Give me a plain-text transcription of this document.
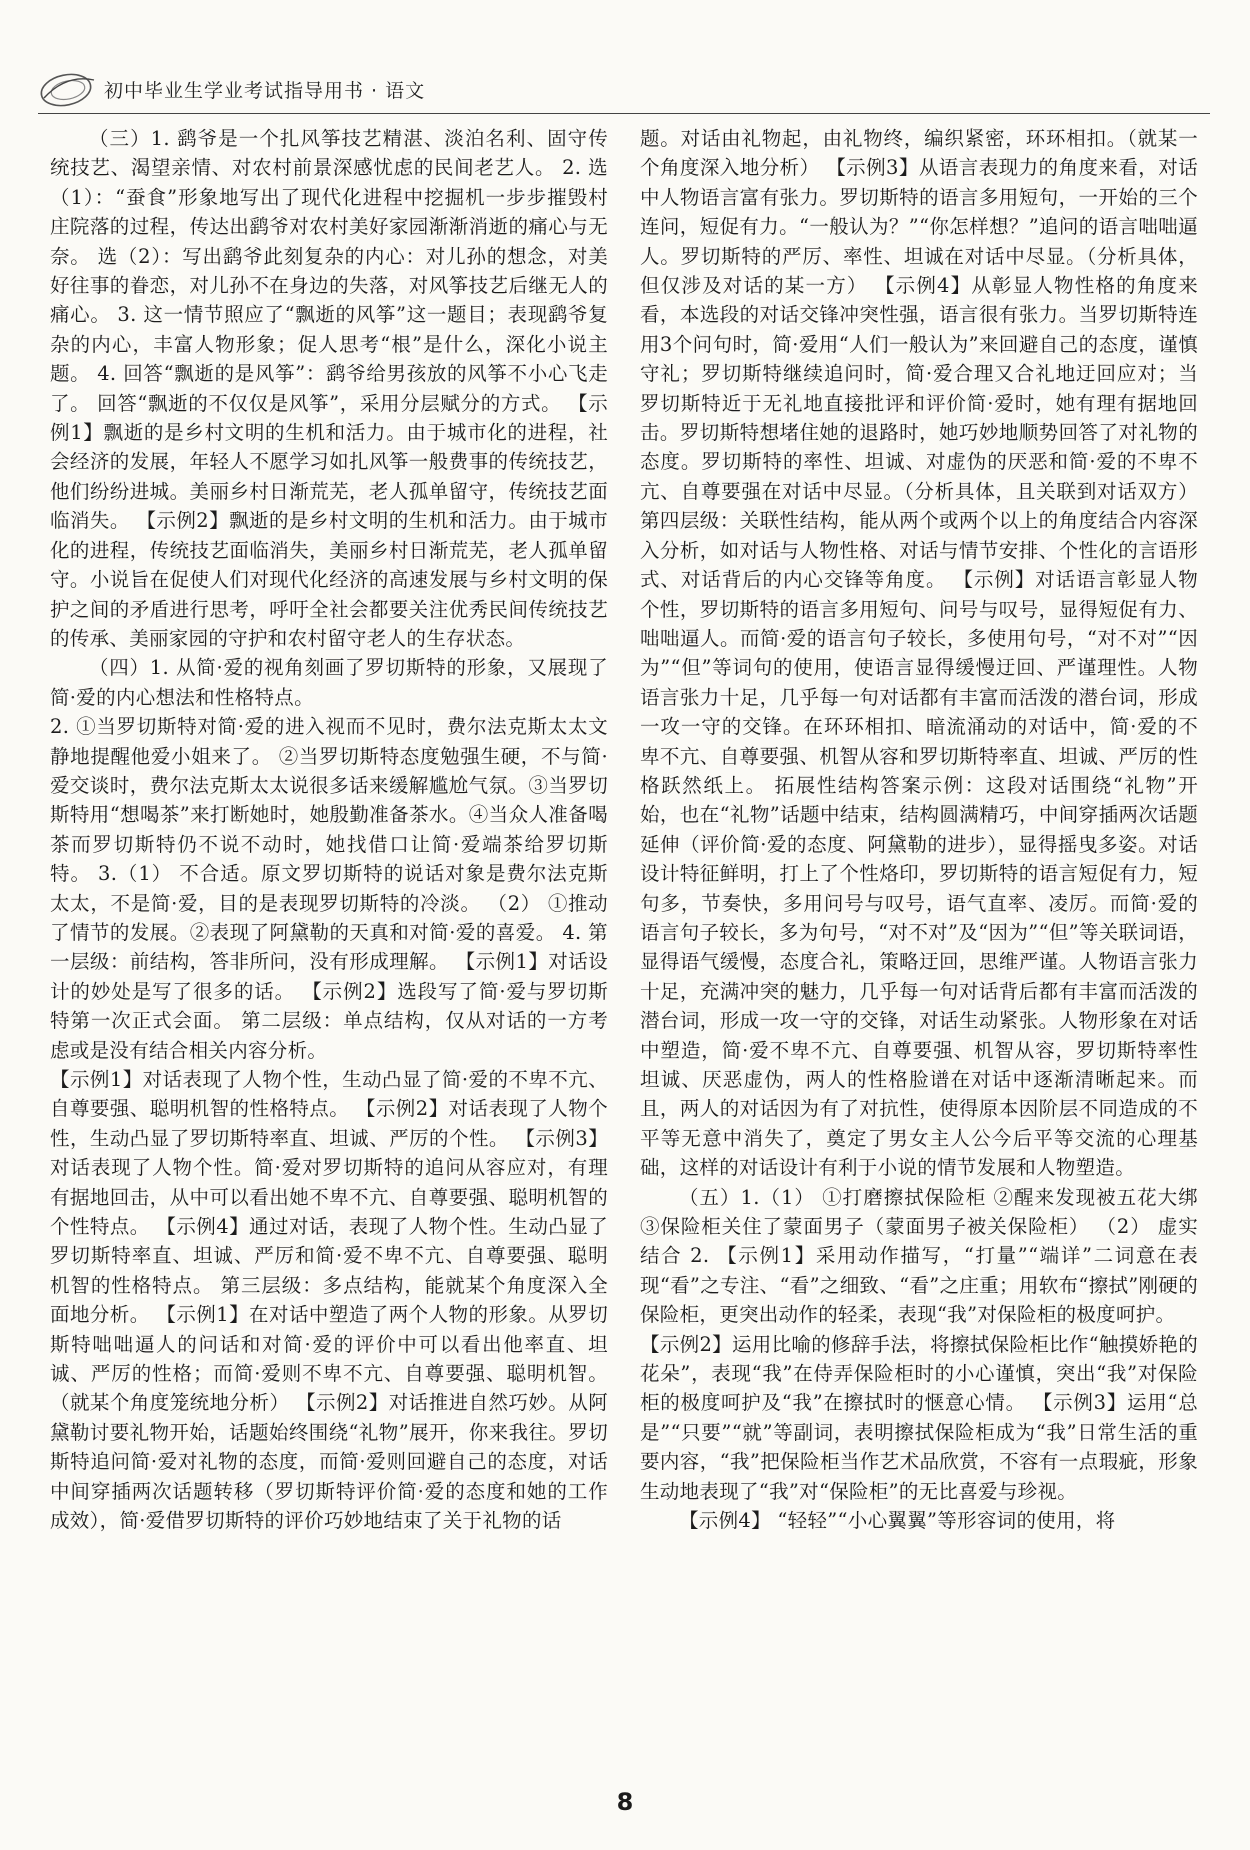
初中毕业生学业考试指导用书 · 语文

（三）1. 鹞爷是一个扎风筝技艺精湛、淡泊名利、固守传统技艺、渴望亲情、对农村前景深感忧虑的民间老艺人。 2. 选（1）：“蚕食”形象地写出了现代化进程中挖掘机一步步摧毁村庄院落的过程，传达出鹞爷对农村美好家园渐渐消逝的痛心与无奈。 选（2）：写出鹞爷此刻复杂的内心：对儿孙的想念，对美好往事的眷恋，对儿孙不在身边的失落，对风筝技艺后继无人的痛心。 3. 这一情节照应了“飘逝的风筝”这一题目；表现鹞爷复杂的内心，丰富人物形象；促人思考“根”是什么，深化小说主题。 4. 回答“飘逝的是风筝”：鹞爷给男孩放的风筝不小心飞走了。 回答“飘逝的不仅仅是风筝”，采用分层赋分的方式。 【示例1】飘逝的是乡村文明的生机和活力。由于城市化的进程，社会经济的发展，年轻人不愿学习如扎风筝一般费事的传统技艺，他们纷纷进城。美丽乡村日渐荒芜，老人孤单留守，传统技艺面临消失。 【示例2】飘逝的是乡村文明的生机和活力。由于城市化的进程，传统技艺面临消失，美丽乡村日渐荒芜，老人孤单留守。小说旨在促使人们对现代化经济的高速发展与乡村文明的保护之间的矛盾进行思考，呼吁全社会都要关注优秀民间传统技艺的传承、美丽家园的守护和农村留守老人的生存状态。

（四）1. 从简·爱的视角刻画了罗切斯特的形象，又展现了简·爱的内心想法和性格特点。

2. ①当罗切斯特对简·爱的进入视而不见时，费尔法克斯太太文静地提醒他爱小姐来了。 ②当罗切斯特态度勉强生硬，不与简·爱交谈时，费尔法克斯太太说很多话来缓解尴尬气氛。③当罗切斯特用“想喝茶”来打断她时，她殷勤准备茶水。④当众人准备喝茶而罗切斯特仍不说不动时，她找借口让简·爱端茶给罗切斯特。 3.（1） 不合适。原文罗切斯特的说话对象是费尔法克斯太太，不是简·爱，目的是表现罗切斯特的冷淡。 （2） ①推动了情节的发展。②表现了阿黛勒的天真和对简·爱的喜爱。 4. 第一层级：前结构，答非所问，没有形成理解。 【示例1】对话设计的妙处是写了很多的话。 【示例2】选段写了简·爱与罗切斯特第一次正式会面。 第二层级：单点结构，仅从对话的一方考虑或是没有结合相关内容分析。

【示例1】对话表现了人物个性，生动凸显了简·爱的不卑不亢、自尊要强、聪明机智的性格特点。 【示例2】对话表现了人物个性，生动凸显了罗切斯特率直、坦诚、严厉的个性。 【示例3】对话表现了人物个性。简·爱对罗切斯特的追问从容应对，有理有据地回击，从中可以看出她不卑不亢、自尊要强、聪明机智的个性特点。 【示例4】通过对话，表现了人物个性。生动凸显了罗切斯特率直、坦诚、严厉和简·爱不卑不亢、自尊要强、聪明机智的性格特点。 第三层级：多点结构，能就某个角度深入全面地分析。 【示例1】在对话中塑造了两个人物的形象。从罗切斯特咄咄逼人的问话和对简·爱的评价中可以看出他率直、坦诚、严厉的性格；而简·爱则不卑不亢、自尊要强、聪明机智。（就某个角度笼统地分析） 【示例2】对话推进自然巧妙。从阿黛勒讨要礼物开始，话题始终围绕“礼物”展开，你来我往。罗切斯特追问简·爱对礼物的态度，而简·爱则回避自己的态度，对话中间穿插两次话题转移（罗切斯特评价简·爱的态度和她的工作成效），简·爱借罗切斯特的评价巧妙地结束了关于礼物的话

题。对话由礼物起，由礼物终，编织紧密，环环相扣。（就某一个角度深入地分析） 【示例3】从语言表现力的角度来看，对话中人物语言富有张力。罗切斯特的语言多用短句，一开始的三个连问，短促有力。“一般认为？”“你怎样想？”追问的语言咄咄逼人。罗切斯特的严厉、率性、坦诚在对话中尽显。（分析具体，但仅涉及对话的某一方） 【示例4】从彰显人物性格的角度来看，本选段的对话交锋冲突性强，语言很有张力。当罗切斯特连用3个问句时，简·爱用“人们一般认为”来回避自己的态度，谨慎守礼；罗切斯特继续追问时，简·爱合理又合礼地迂回应对；当罗切斯特近于无礼地直接批评和评价简·爱时，她有理有据地回击。罗切斯特想堵住她的退路时，她巧妙地顺势回答了对礼物的态度。罗切斯特的率性、坦诚、对虚伪的厌恶和简·爱的不卑不亢、自尊要强在对话中尽显。（分析具体，且关联到对话双方） 第四层级：关联性结构，能从两个或两个以上的角度结合内容深入分析，如对话与人物性格、对话与情节安排、个性化的言语形式、对话背后的内心交锋等角度。 【示例】对话语言彰显人物个性，罗切斯特的语言多用短句、问号与叹号，显得短促有力、咄咄逼人。而简·爱的语言句子较长，多使用句号，“对不对”“因为”“但”等词句的使用，使语言显得缓慢迂回、严谨理性。人物语言张力十足，几乎每一句对话都有丰富而活泼的潜台词，形成一攻一守的交锋。在环环相扣、暗流涌动的对话中，简·爱的不卑不亢、自尊要强、机智从容和罗切斯特率直、坦诚、严厉的性格跃然纸上。 拓展性结构答案示例：这段对话围绕“礼物”开始，也在“礼物”话题中结束，结构圆满精巧，中间穿插两次话题延伸（评价简·爱的态度、阿黛勒的进步），显得摇曳多姿。对话设计特征鲜明，打上了个性烙印，罗切斯特的语言短促有力，短句多，节奏快，多用问号与叹号，语气直率、凌厉。而简·爱的语言句子较长，多为句号，“对不对”及“因为”“但”等关联词语，显得语气缓慢，态度合礼，策略迂回，思维严谨。人物语言张力十足，充满冲突的魅力，几乎每一句对话背后都有丰富而活泼的潜台词，形成一攻一守的交锋，对话生动紧张。人物形象在对话中塑造，简·爱不卑不亢、自尊要强、机智从容，罗切斯特率性坦诚、厌恶虚伪，两人的性格脸谱在对话中逐渐清晰起来。而且，两人的对话因为有了对抗性，使得原本因阶层不同造成的不平等无意中消失了，奠定了男女主人公今后平等交流的心理基础，这样的对话设计有利于小说的情节发展和人物塑造。

（五）1.（1） ①打磨擦拭保险柜 ②醒来发现被五花大绑 ③保险柜关住了蒙面男子（蒙面男子被关保险柜） （2） 虚实结合 2. 【示例1】采用动作描写，“打量”“端详”二词意在表现“看”之专注、“看”之细致、“看”之庄重；用软布“擦拭”刚硬的保险柜，更突出动作的轻柔，表现“我”对保险柜的极度呵护。

【示例2】运用比喻的修辞手法，将擦拭保险柜比作“触摸娇艳的花朵”，表现“我”在侍弄保险柜时的小心谨慎，突出“我”对保险柜的极度呵护及“我”在擦拭时的惬意心情。 【示例3】运用“总是”“只要”“就”等副词，表明擦拭保险柜成为“我”日常生活的重要内容，“我”把保险柜当作艺术品欣赏，不容有一点瑕疵，形象生动地表现了“我”对“保险柜”的无比喜爱与珍视。

【示例4】 “轻轻”“小心翼翼”等形容词的使用，将

8
